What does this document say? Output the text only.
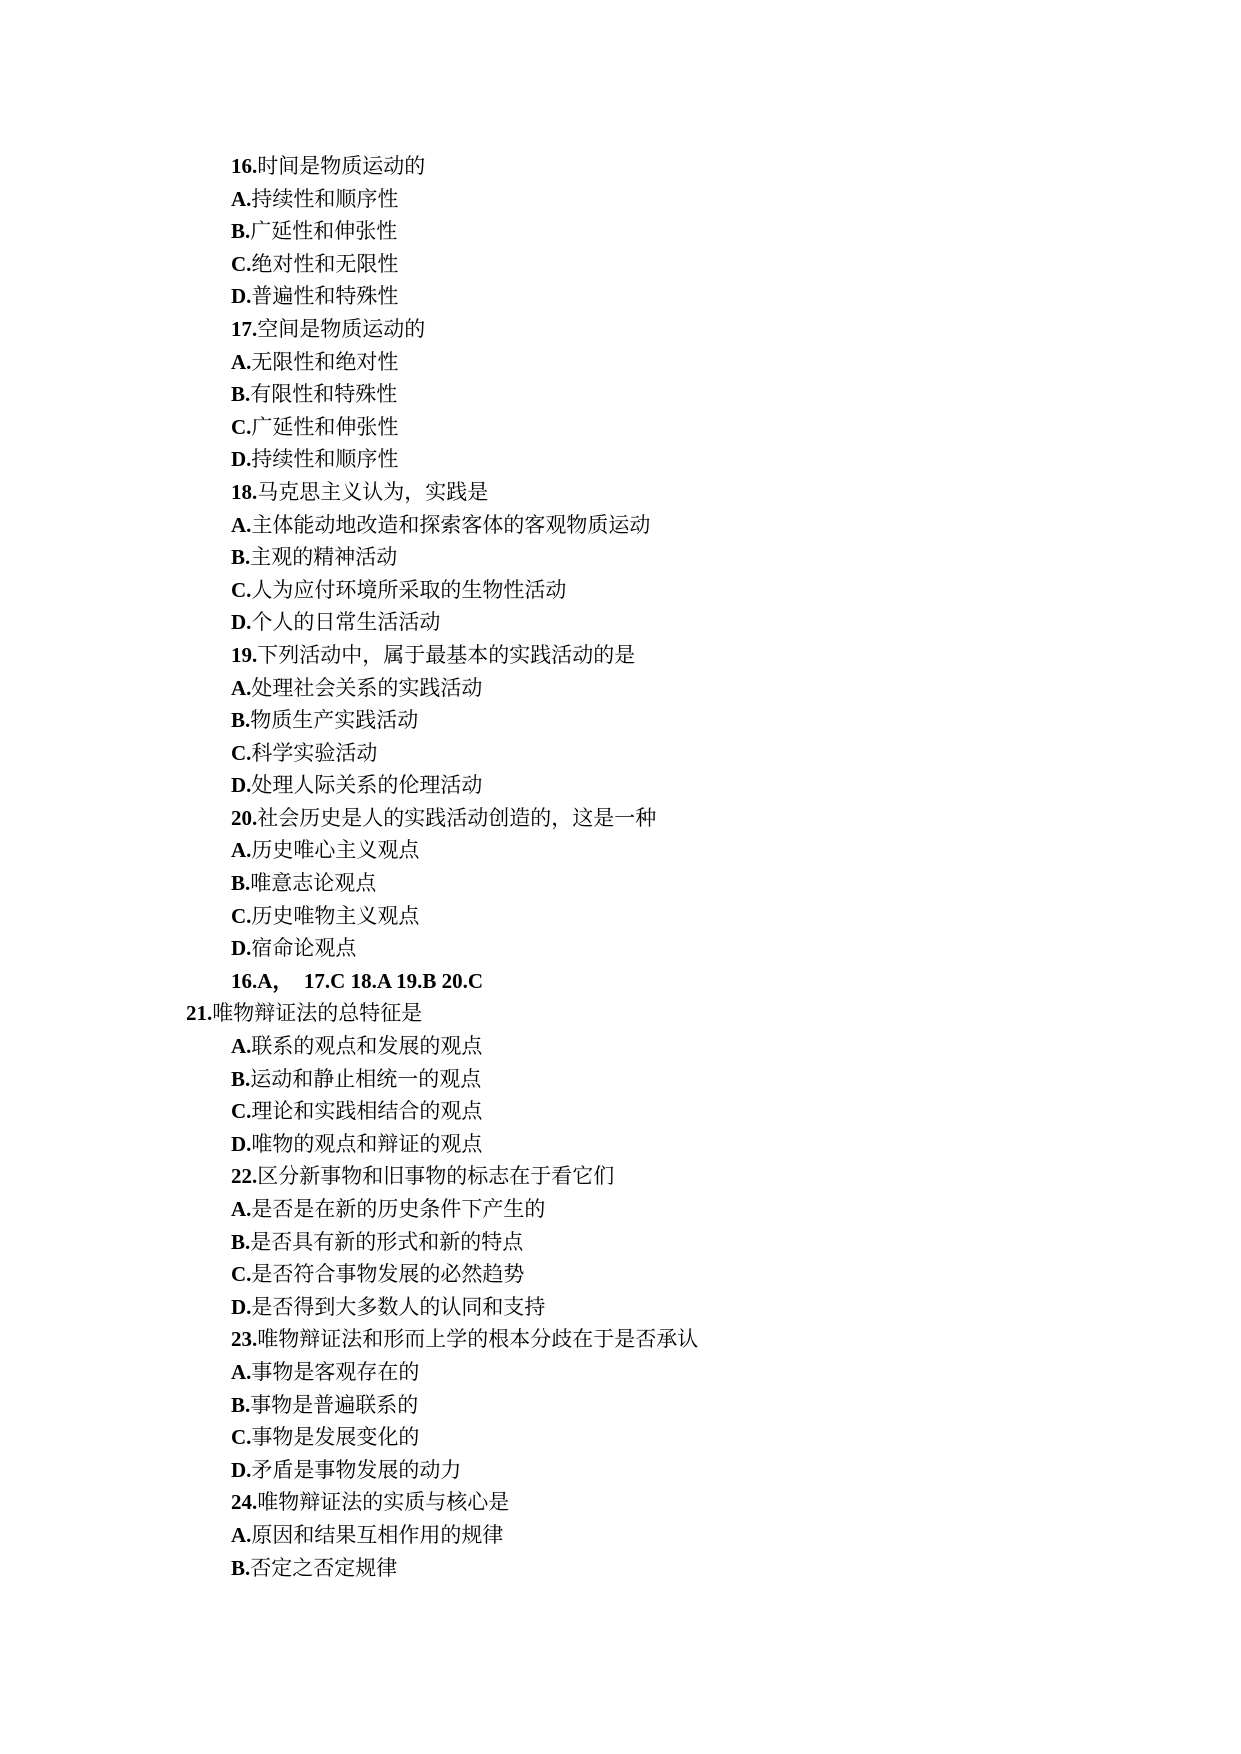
16.时间是物质运动的
A.持续性和顺序性
B.广延性和伸张性
C.绝对性和无限性
D.普遍性和特殊性
17.空间是物质运动的
A.无限性和绝对性
B.有限性和特殊性
C.广延性和伸张性
D.持续性和顺序性
18.马克思主义认为，实践是
A.主体能动地改造和探索客体的客观物质运动
B.主观的精神活动
C.人为应付环境所采取的生物性活动
D.个人的日常生活活动
19.下列活动中，属于最基本的实践活动的是
A.处理社会关系的实践活动
B.物质生产实践活动
C.科学实验活动
D.处理人际关系的伦理活动
20.社会历史是人的实践活动创造的，这是一种
A.历史唯心主义观点
B.唯意志论观点
C.历史唯物主义观点
D.宿命论观点
16.A，　17.C 18.A 19.B 20.C
21.唯物辩证法的总特征是
A.联系的观点和发展的观点
B.运动和静止相统一的观点
C.理论和实践相结合的观点
D.唯物的观点和辩证的观点
22.区分新事物和旧事物的标志在于看它们
A.是否是在新的历史条件下产生的
B.是否具有新的形式和新的特点
C.是否符合事物发展的必然趋势
D.是否得到大多数人的认同和支持
23.唯物辩证法和形而上学的根本分歧在于是否承认
A.事物是客观存在的
B.事物是普遍联系的
C.事物是发展变化的
D.矛盾是事物发展的动力
24.唯物辩证法的实质与核心是
A.原因和结果互相作用的规律
B.否定之否定规律
